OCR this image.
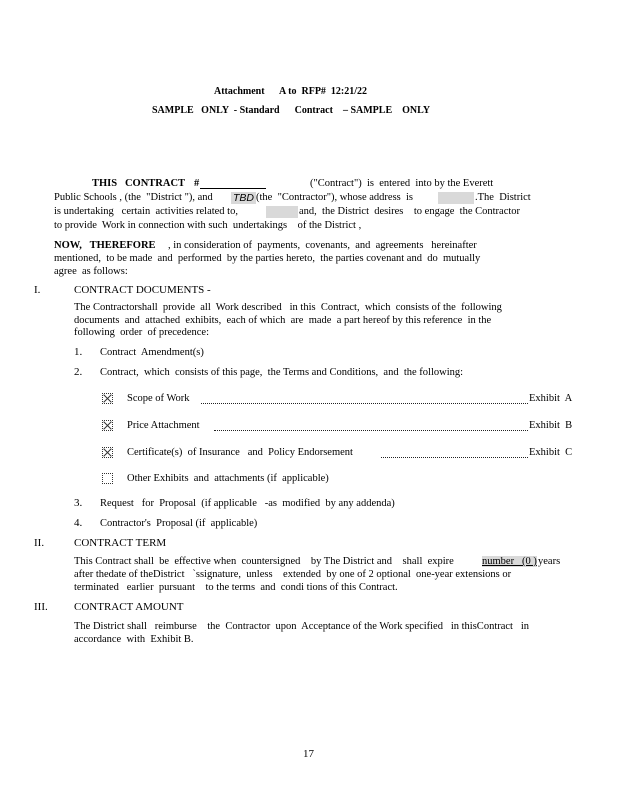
Attachment      A to  RFP#  12:21/22
SAMPLE   ONLY  - Standard      Contract    – SAMPLE    ONLY
THIS   CONTRACT #	("Contract")  is  entered  into by the Everett
Public Schools , (the  "District "), and TBD (the  "Contractor"), whose address  is	.The  District
is undertaking   certain  activities related to,	and,  the District  desires    to engage  the Contractor
to provide  Work in connection with such  undertakings    of the District ,
NOW,   THEREFORE , in consideration of  payments,  covenants,  and  agreements   hereinafter
mentioned,  to be made  and  performed  by the parties hereto,  the parties covenant and  do  mutually
agree  as follows:
I.	CONTRACT DOCUMENTS -
The Contractorshall  provide  all  Work described   in this  Contract,  which  consists of the  following
documents  and  attached  exhibits,  each of which  are  made  a part hereof by this reference  in the
following  order  of precedence:
1. Contract  Amendment(s)
2. Contract,  which  consists of this page,  the Terms and Conditions,  and  the following:
Scope of Work	Exhibit  A
Price Attachment	Exhibit  B
Certificate(s)  of Insurance   and  Policy Endorsement	Exhibit  C
Other Exhibits  and  attachments (if  applicable)
3. Request   for  Proposal  (if applicable   -as  modified  by any addenda)
4. Contractor's  Proposal (if  applicable)
II.	CONTRACT TERM
This Contract shall  be  effective when  countersigned    by The District and    shall  expire	number   (0 ) years
after thedate of theDistrict   `ssignature,  unless    extended  by one of 2 optional  one-year extensions or
terminated   earlier  pursuant    to the terms  and  condi tions of this Contract.
III. CONTRACT AMOUNT
The District shall   reimburse    the  Contractor  upon  Acceptance of the Work specified   in thisContract   in
accordance  with  Exhibit B.
17
